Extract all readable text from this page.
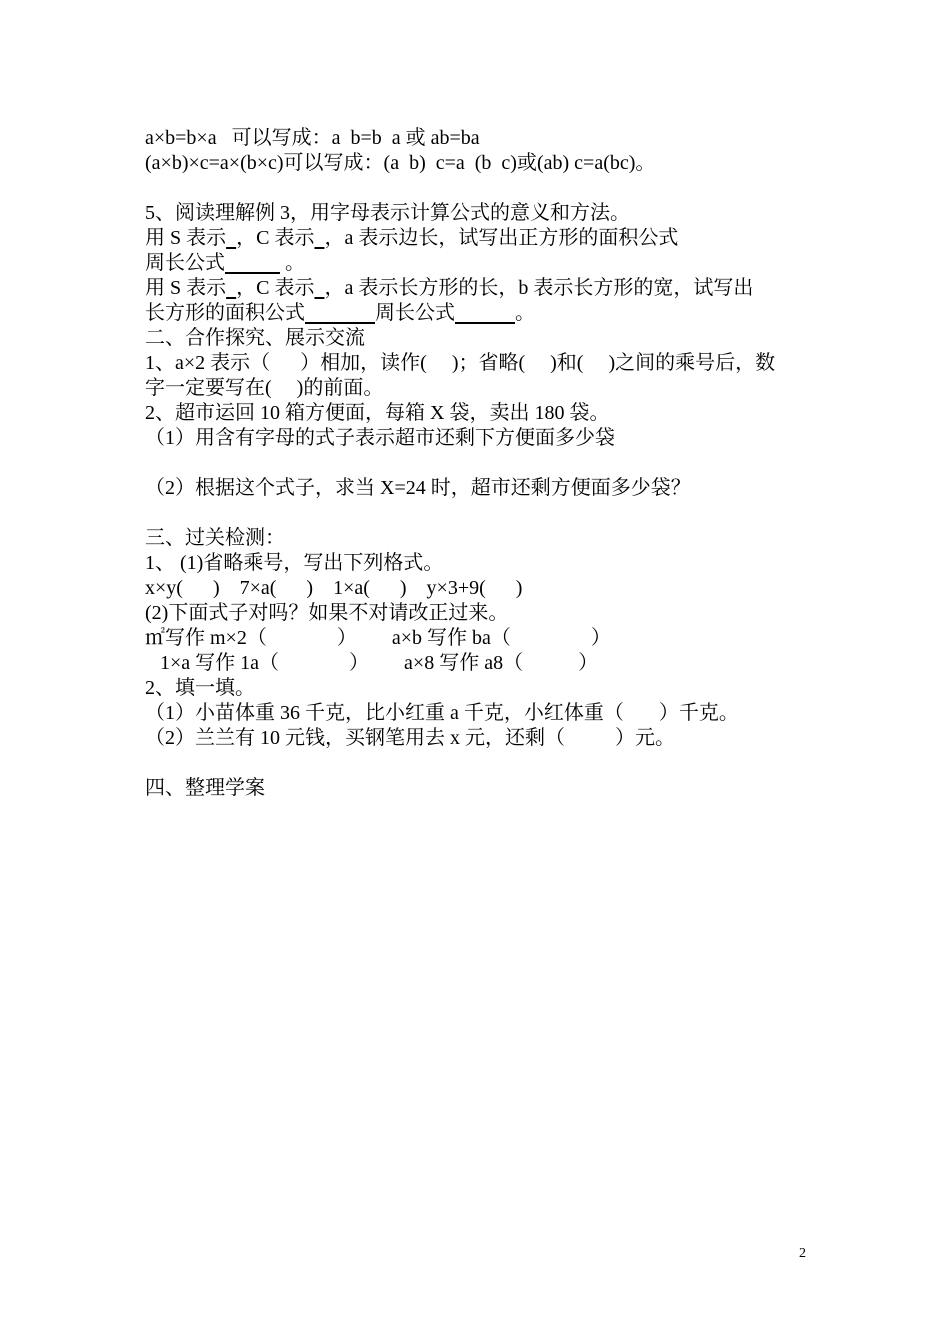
a×b=b×a   可以写成：a  b=b  a 或 ab=ba
(a×b)×c=a×(b×c)可以写成：(a  b)  c=a  (b  c)或(ab) c=a(bc)。
5、阅读理解例 3，用字母表示计算公式的意义和方法。
用 S 表示 ，C 表示 ，a 表示边长，试写出正方形的面积公式
周长公式	。
用 S 表示 ，C 表示 ，a 表示长方形的长，b 表示长方形的宽，试写出
长方形的面积公式	周长公式	。
二、合作探究、展示交流
1、a×2 表示（      ）相加，读作(     )；省略(     )和(     )之间的乘号后，数
字一定要写在(     )的前面。
2、超市运回 10 箱方便面，每箱 X 袋，卖出 180 袋。
（1）用含有字母的式子表示超市还剩下方便面多少袋
（2）根据这个式子，求当 X=24 时，超市还剩方便面多少袋？
三、过关检测：
1、 (1)省略乘号，写出下列格式。
x×y(      )    7×a(      )    1×a(      )    y×3+9(      )
(2)下面式子对吗？如果不对请改正过来。
㎡写作 m×2（              ）       a×b 写作 ba（                ）
1×a 写作 1a（              ）       a×8 写作 a8（           ）
2、填一填。
（1）小苗体重 36 千克，比小红重 a 千克，小红体重（       ）千克。
（2）兰兰有 10 元钱，买钢笔用去 x 元，还剩（          ）元。
四、整理学案
2
